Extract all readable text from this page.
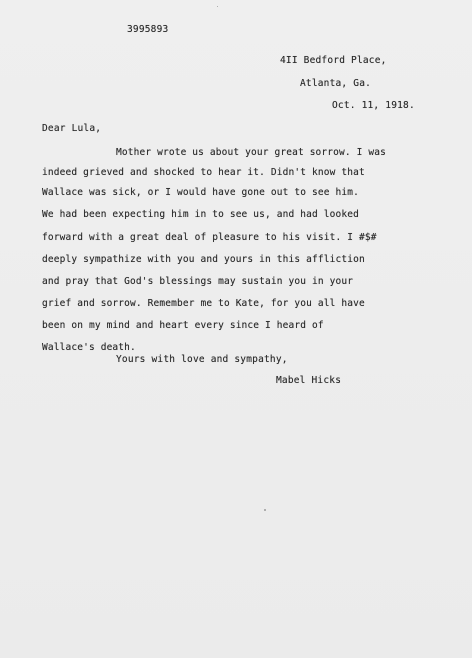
3995893
4II Bedford Place,
Atlanta, Ga.
Oct. 11, 1918.
Dear Lula,
Mother wrote us about your great sorrow. I was
indeed grieved and shocked to hear it. Didn't know that
Wallace was sick, or I would have gone out to see him.
We had been expecting him in to see us, and had looked
forward with a great deal of pleasure to his visit. I #$#
deeply sympathize with you and yours in this affliction
and pray that God's blessings may sustain you in your
grief and sorrow. Remember me to Kate, for you all have
been on my mind and heart every since I heard of
Wallace's death.
Yours with love and sympathy,
Mabel Hicks
